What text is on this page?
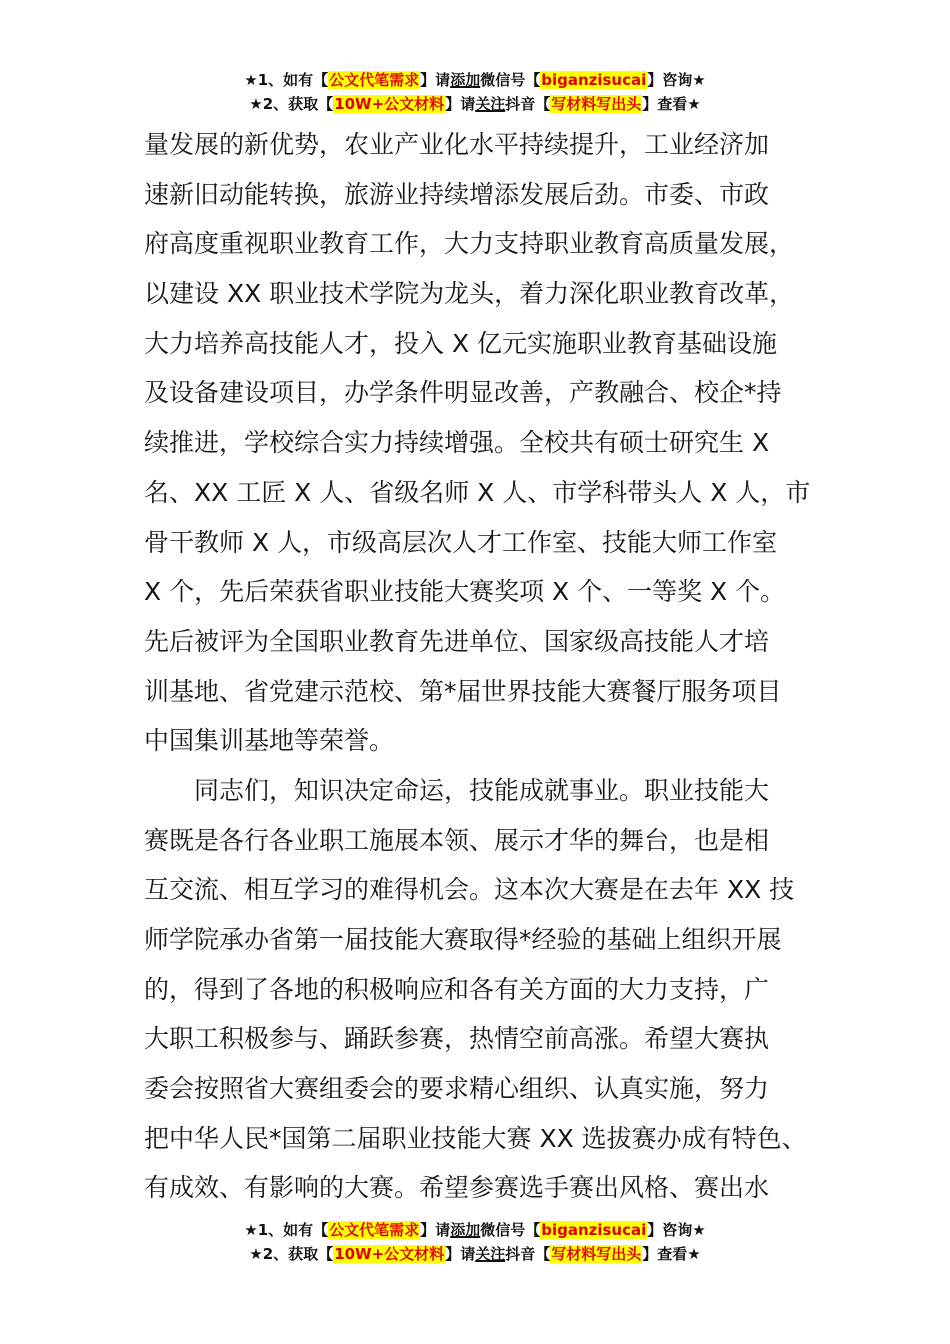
★1、如有【公文代笔需求】请添加微信号【biganzisucai】咨询★
★2、获取【10W+公文材料】请关注抖音【写材料写出头】查看★

量发展的新优势，农业产业化水平持续提升，工业经济加
速新旧动能转换，旅游业持续增添发展后劲。市委、市政
府高度重视职业教育工作，大力支持职业教育高质量发展，
以建设 XX 职业技术学院为龙头，着力深化职业教育改革，
大力培养高技能人才，投入 X 亿元实施职业教育基础设施
及设备建设项目，办学条件明显改善，产教融合、校企*持
续推进，学校综合实力持续增强。全校共有硕士研究生 X
名、XX 工匠 X 人、省级名师 X 人、市学科带头人 X 人，市
骨干教师 X 人，市级高层次人才工作室、技能大师工作室
X 个，先后荣获省职业技能大赛奖项 X 个、一等奖 X 个。
先后被评为全国职业教育先进单位、国家级高技能人才培
训基地、省党建示范校、第*届世界技能大赛餐厅服务项目
中国集训基地等荣誉。

同志们，知识决定命运，技能成就事业。职业技能大
赛既是各行各业职工施展本领、展示才华的舞台，也是相
互交流、相互学习的难得机会。这本次大赛是在去年 XX 技
师学院承办省第一届技能大赛取得*经验的基础上组织开展
的，得到了各地的积极响应和各有关方面的大力支持，广
大职工积极参与、踊跃参赛，热情空前高涨。希望大赛执
委会按照省大赛组委会的要求精心组织、认真实施，努力
把中华人民*国第二届职业技能大赛 XX 选拔赛办成有特色、
有成效、有影响的大赛。希望参赛选手赛出风格、赛出水

★1、如有【公文代笔需求】请添加微信号【biganzisucai】咨询★
★2、获取【10W+公文材料】请关注抖音【写材料写出头】查看★
